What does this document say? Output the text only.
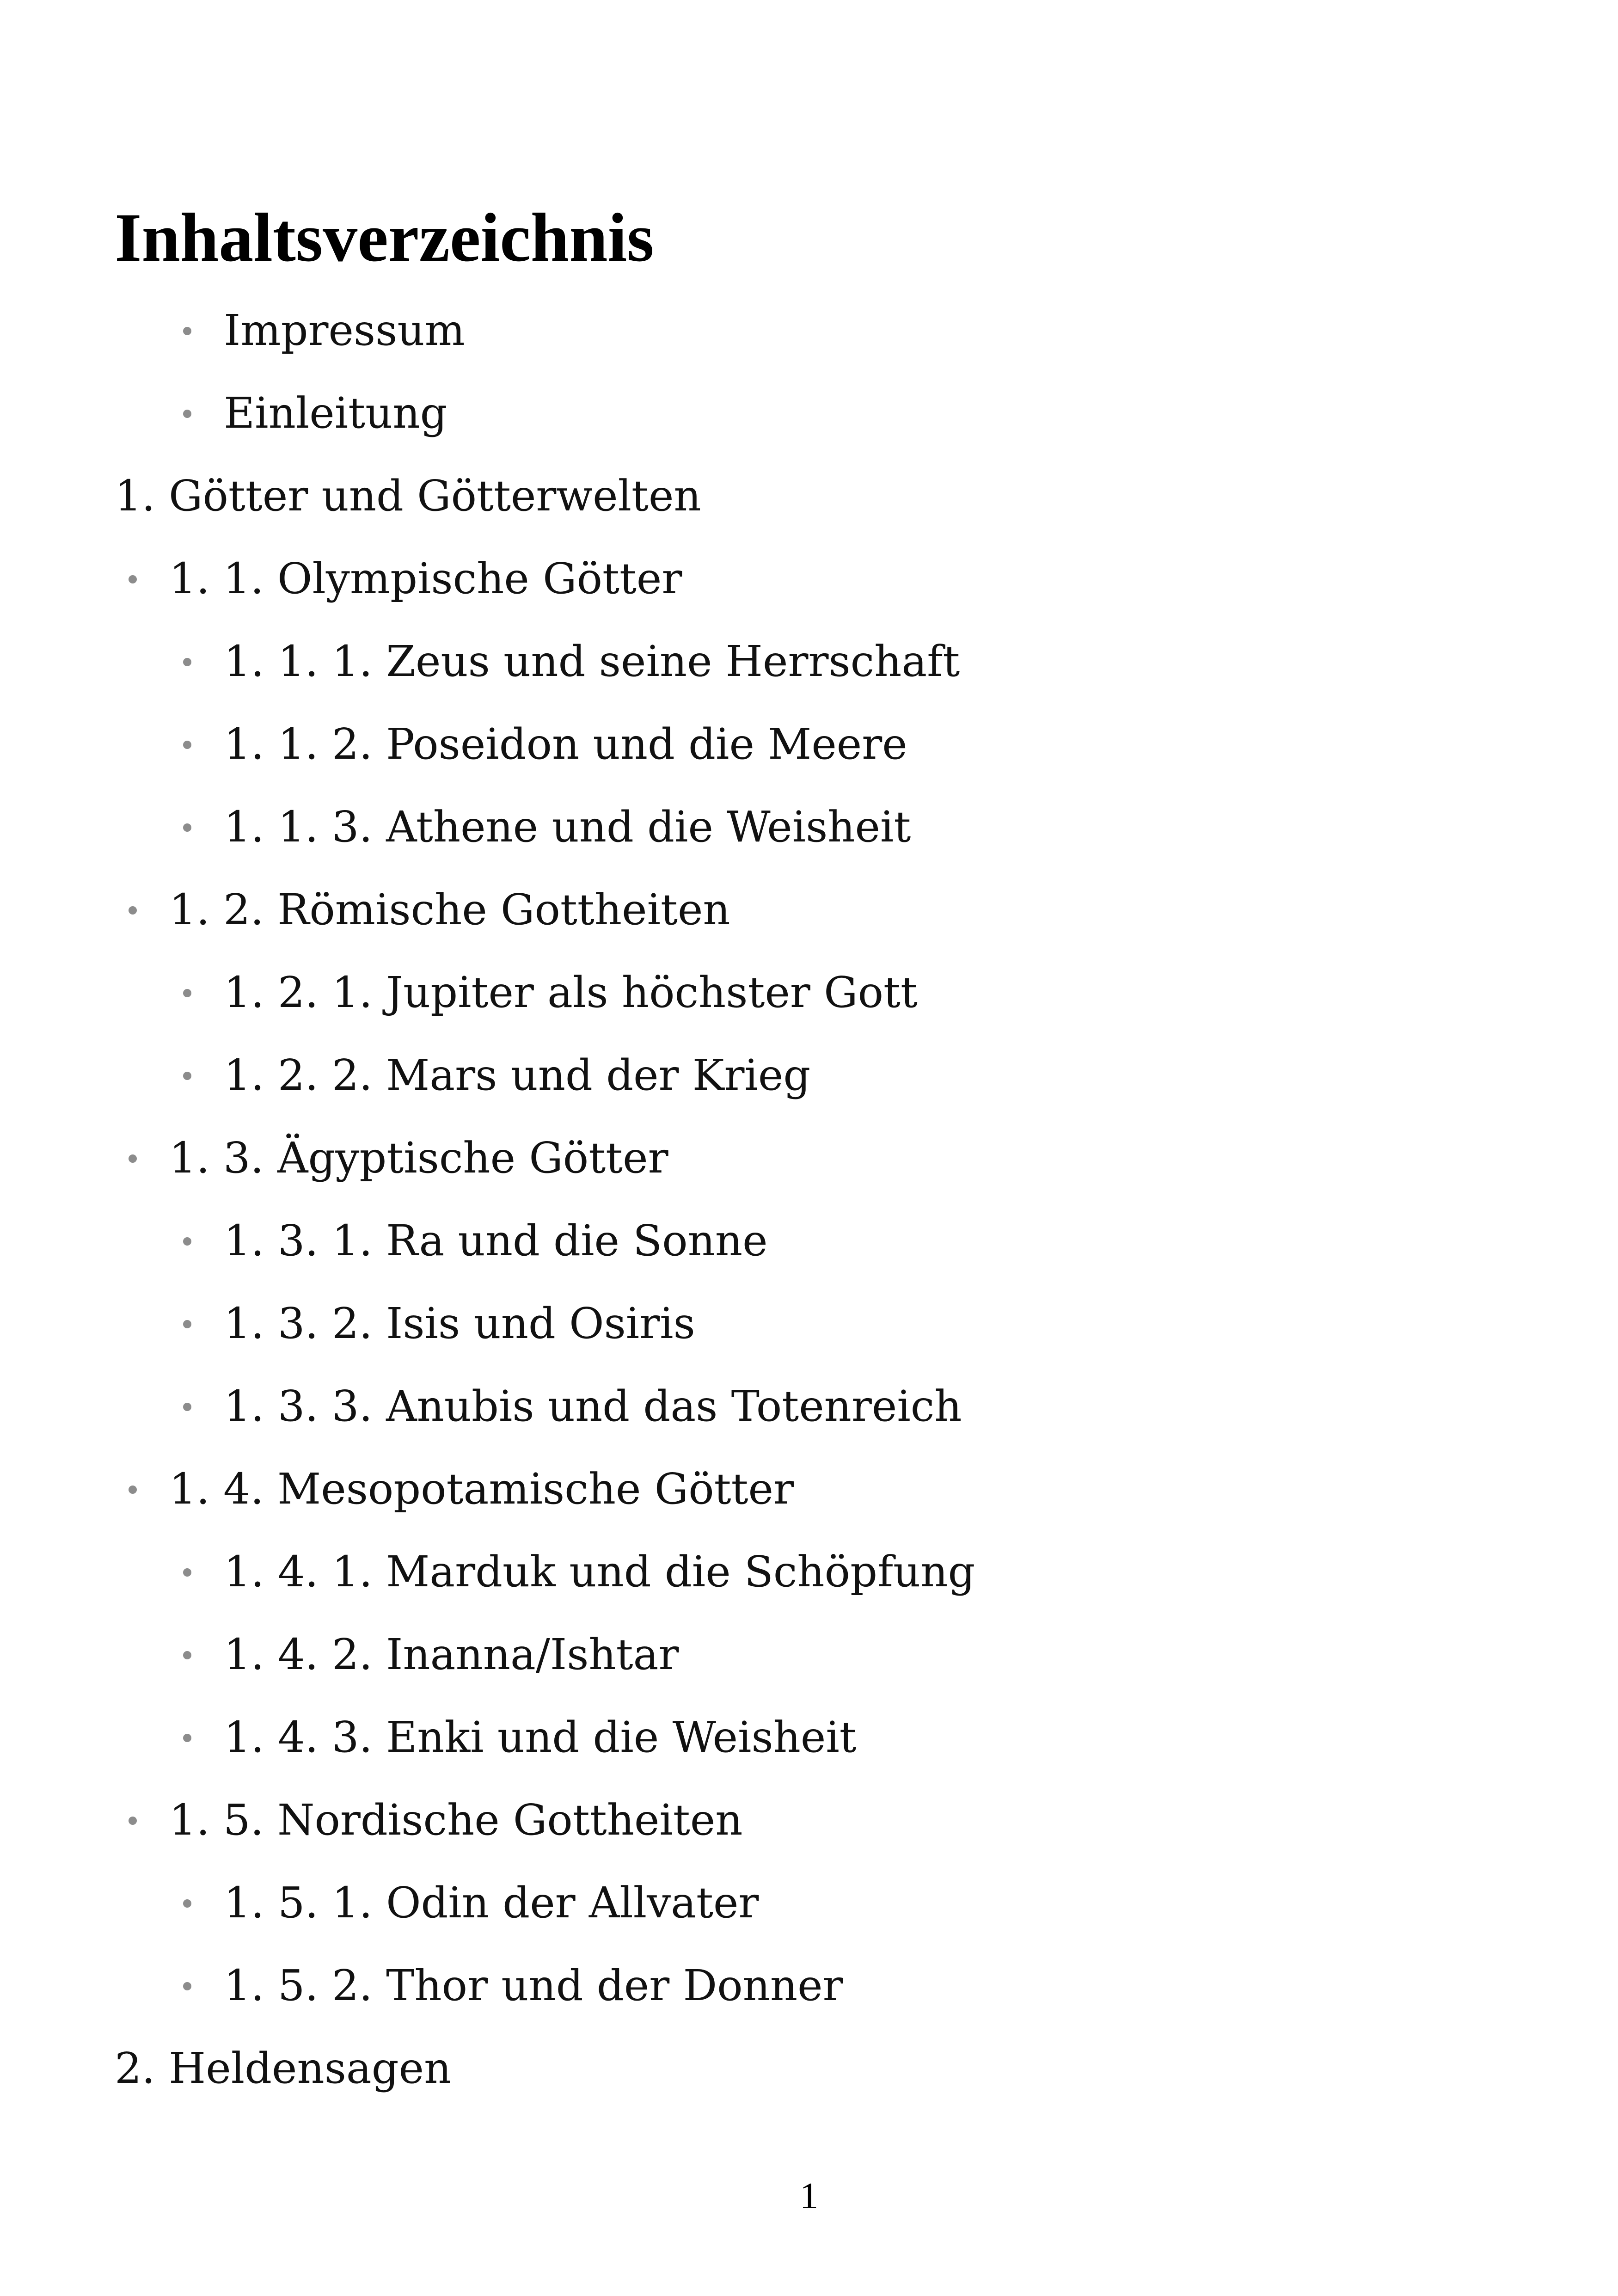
Inhaltsverzeichnis
Impressum
Einleitung
1. Götter und Götterwelten
1. 1. Olympische Götter
1. 1. 1. Zeus und seine Herrschaft
1. 1. 2. Poseidon und die Meere
1. 1. 3. Athene und die Weisheit
1. 2. Römische Gottheiten
1. 2. 1. Jupiter als höchster Gott
1. 2. 2. Mars und der Krieg
1. 3. Ägyptische Götter
1. 3. 1. Ra und die Sonne
1. 3. 2. Isis und Osiris
1. 3. 3. Anubis und das Totenreich
1. 4. Mesopotamische Götter
1. 4. 1. Marduk und die Schöpfung
1. 4. 2. Inanna/Ishtar
1. 4. 3. Enki und die Weisheit
1. 5. Nordische Gottheiten
1. 5. 1. Odin der Allvater
1. 5. 2. Thor und der Donner
2. Heldensagen
1
